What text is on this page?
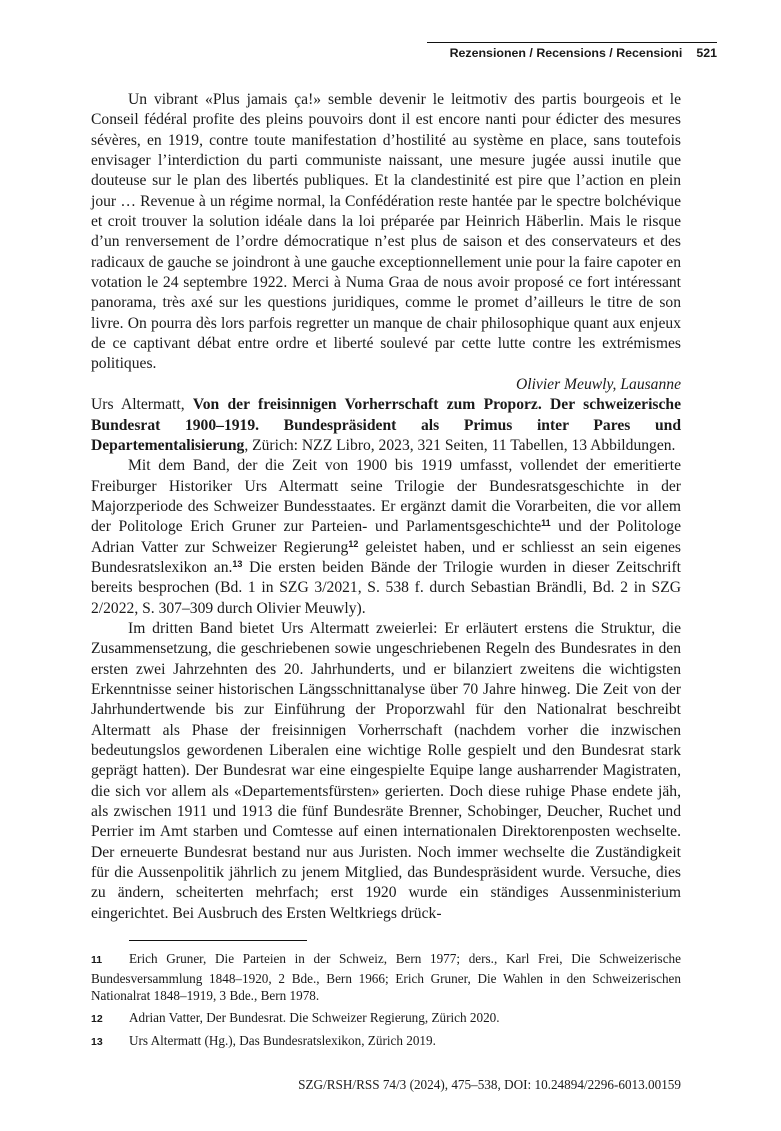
Rezensionen / Recensions / Recensioni 521

Un vibrant «Plus jamais ça!» semble devenir le leitmotiv des partis bourgeois et le Conseil fédéral profite des pleins pouvoirs dont il est encore nanti pour édicter des mesures sévères, en 1919, contre toute manifestation d’hostilité au système en place, sans toutefois envisager l’interdiction du parti communiste naissant, une mesure jugée aussi inutile que douteuse sur le plan des libertés publiques. Et la clandestinité est pire que l’action en plein jour … Revenue à un régime normal, la Confédération reste hantée par le spectre bolchévique et croit trouver la solution idéale dans la loi préparée par Heinrich Häberlin. Mais le risque d’un renversement de l’ordre démocratique n’est plus de saison et des conservateurs et des radicaux de gauche se joindront à une gauche exceptionnellement unie pour la faire capoter en votation le 24 septembre 1922. Merci à Numa Graa de nous avoir proposé ce fort intéressant panorama, très axé sur les questions juridiques, comme le promet d’ailleurs le titre de son livre. On pourra dès lors parfois regretter un manque de chair philosophique quant aux enjeux de ce captivant débat entre ordre et liberté soulevé par cette lutte contre les extrémismes politiques.

Olivier Meuwly, Lausanne

Urs Altermatt, Von der freisinnigen Vorherrschaft zum Proporz. Der schweizerische Bundesrat 1900–1919. Bundespräsident als Primus inter Pares und Departementalisierung, Zürich: NZZ Libro, 2023, 321 Seiten, 11 Tabellen, 13 Abbildungen.

Mit dem Band, der die Zeit von 1900 bis 1919 umfasst, vollendet der emeritierte Freiburger Historiker Urs Altermatt seine Trilogie der Bundesratsgeschichte in der Majorzperiode des Schweizer Bundesstaates. Er ergänzt damit die Vorarbeiten, die vor allem der Politologe Erich Gruner zur Parteien- und Parlamentsgeschichte$^{11}$ und der Politologe Adrian Vatter zur Schweizer Regierung$^{12}$ geleistet haben, und er schliesst an sein eigenes Bundesratslexikon an.$^{13}$ Die ersten beiden Bände der Trilogie wurden in dieser Zeitschrift bereits besprochen (Bd. 1 in SZG 3/2021, S. 538 f. durch Sebastian Brändli, Bd. 2 in SZG 2/2022, S. 307–309 durch Olivier Meuwly).

Im dritten Band bietet Urs Altermatt zweierlei: Er erläutert erstens die Struktur, die Zusammensetzung, die geschriebenen sowie ungeschriebenen Regeln des Bundesrates in den ersten zwei Jahrzehnten des 20. Jahrhunderts, und er bilanziert zweitens die wichtigsten Erkenntnisse seiner historischen Längsschnittanalyse über 70 Jahre hinweg. Die Zeit von der Jahrhundertwende bis zur Einführung der Proporzwahl für den Nationalrat beschreibt Altermatt als Phase der freisinnigen Vorherrschaft (nachdem vorher die inzwischen bedeutungslos gewordenen Liberalen eine wichtige Rolle gespielt und den Bundesrat stark geprägt hatten). Der Bundesrat war eine eingespielte Equipe lange ausharrender Magistraten, die sich vor allem als «Departementsfürsten» gerierten. Doch diese ruhige Phase endete jäh, als zwischen 1911 und 1913 die fünf Bundesräte Brenner, Schobinger, Deucher, Ruchet und Perrier im Amt starben und Comtesse auf einen internationalen Direktorenposten wechselte. Der erneuerte Bundesrat bestand nur aus Juristen. Noch immer wechselte die Zuständigkeit für die Aussenpolitik jährlich zu jenem Mitglied, das Bundespräsident wurde. Versuche, dies zu ändern, scheiterten mehrfach; erst 1920 wurde ein ständiges Aussenministerium eingerichtet. Bei Ausbruch des Ersten Weltkriegs drück-

11 Erich Gruner, Die Parteien in der Schweiz, Bern 1977; ders., Karl Frei, Die Schweizerische Bundesversammlung 1848–1920, 2 Bde., Bern 1966; Erich Gruner, Die Wahlen in den Schweizerischen Nationalrat 1848–1919, 3 Bde., Bern 1978.

12 Adrian Vatter, Der Bundesrat. Die Schweizer Regierung, Zürich 2020.

13 Urs Altermatt (Hg.), Das Bundesratslexikon, Zürich 2019.

SZG/RSH/RSS 74/3 (2024), 475–538, DOI: 10.24894/2296-6013.00159
